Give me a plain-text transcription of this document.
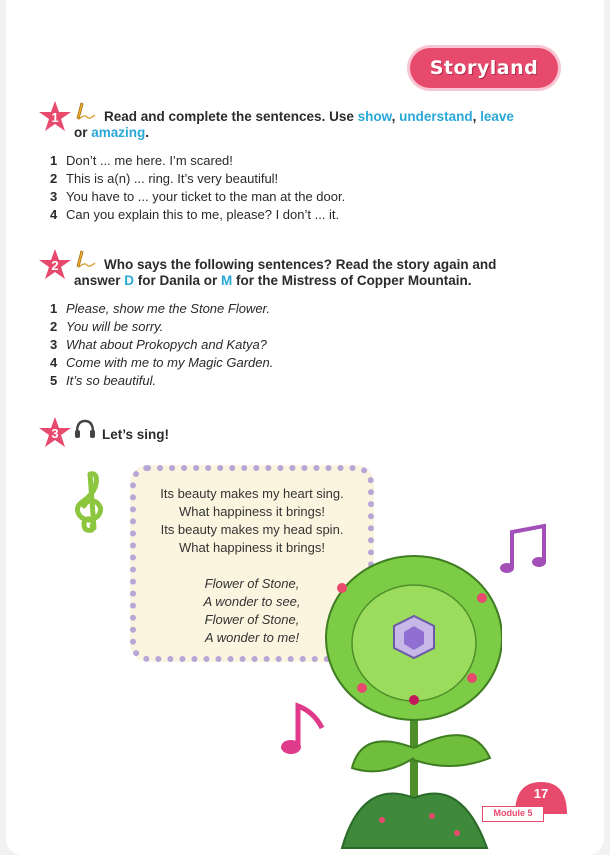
Storyland
1	Read and complete the sentences. Use show, understand, leave
or amazing.
1 Don’t ... me here. I’m scared!
2 This is a(n) ... ring. It’s very beautiful!
3 You have to ... your ticket to the man at the door.
4 Can you explain this to me, please? I don’t ... it.
2	Who says the following sentences? Read the story again and
answer D for Danila or M for the Mistress of Copper Mountain.
1 Please, show me the Stone Flower.
2 You will be sorry.
3 What about Prokopych and Katya?
4 Come with me to my Magic Garden.
5 It’s so beautiful.
3	Let’s sing!

Its beauty makes my heart sing.

What happiness it brings!

Its beauty makes my head spin.

What happiness it brings!

Flower of Stone,

A wonder to see,

Flower of Stone,

A wonder to me!

17
Module 5
